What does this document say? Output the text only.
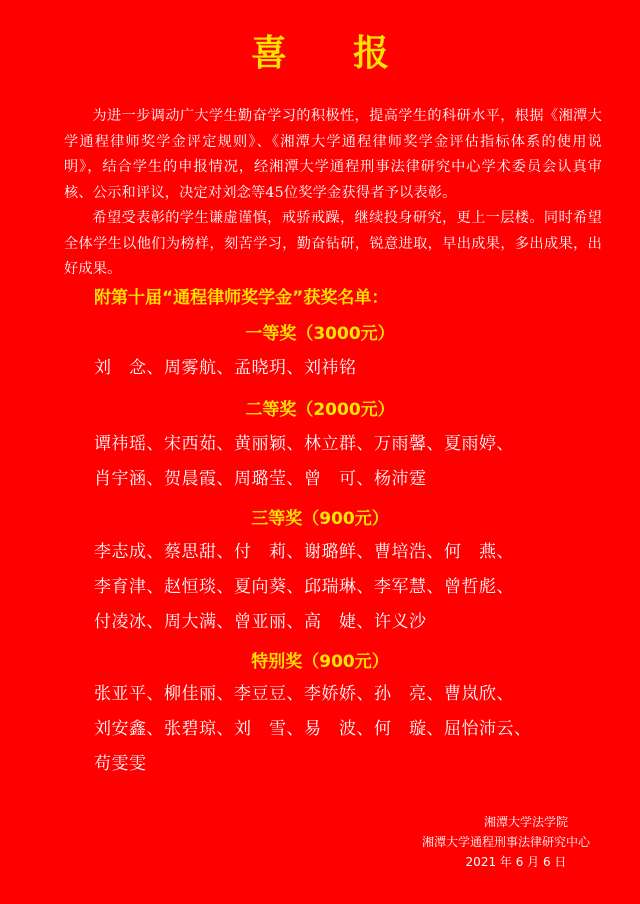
喜 报

为进一步调动广大学生勤奋学习的积极性，提高学生的科研水平，根据《湘潭大学通程律师奖学金评定规则》、《湘潭大学通程律师奖学金评估指标体系的使用说明》，结合学生的申报情况，经湘潭大学通程刑事法律研究中心学术委员会认真审核、公示和评议，决定对刘念等45位奖学金获得者予以表彰。

希望受表彰的学生谦虚谨慎，戒骄戒躁，继续投身研究，更上一层楼。同时希望全体学生以他们为榜样，刻苦学习，勤奋钻研，锐意进取，早出成果，多出成果，出好成果。

附第十届“通程律师奖学金”获奖名单：

一等奖（3000元）

刘　念、周雾航、孟晓玥、刘祎铭

二等奖（2000元）

谭祎瑶、宋西茹、黄丽颖、林立群、万雨馨、夏雨婷、
肖宇涵、贺晨霞、周璐莹、曾　可、杨沛霆

三等奖（900元）

李志成、蔡思甜、付　莉、谢璐鲜、曹培浩、何　燕、
李育津、赵恒琰、夏向葵、邱瑞琳、李军慧、曾哲彪、
付凌冰、周大满、曾亚丽、高　婕、许义沙

特别奖（900元）

张亚平、柳佳丽、李豆豆、李娇娇、孙　亮、曹岚欣、
刘安鑫、张碧琼、刘　雪、易　波、何　璇、屈怡沛云、
苟雯雯
湘潭大学法学院
湘潭大学通程刑事法律研究中心
2021 年 6 月 6 日
